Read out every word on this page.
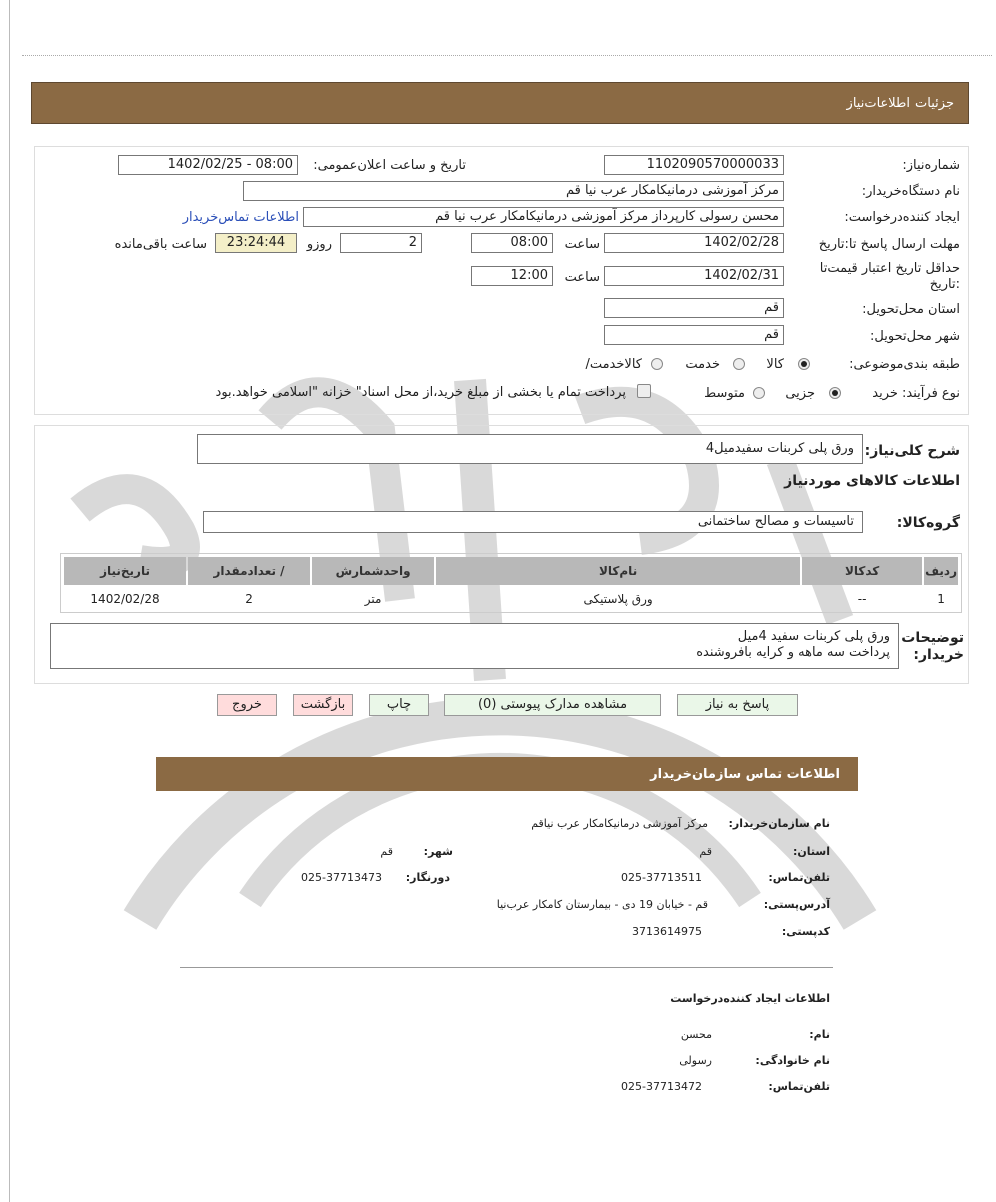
جزئیات
اطلاعات‌نیاز
شماره‌نیاز:
1102090570000033
تاریخ و ساعت اعلان‌عمومی:
1402/02/25 - 08:00
نام دستگاه‌خریدار:
مرکز آموزشی درمانیکامکار عرب نیا قم
ایجاد کننده‌درخواست:
محسن رسولی کارپرداز مرکز آموزشی درمانیکامکار عرب نیا قم
اطلاعات تماس‌خریدار
مهلت ارسال پاسخ تا:تاریخ
1402/02/28
ساعت
08:00
2
روزو
23:24:44
ساعت باقی‌مانده
حداقل تاریخ اعتبار قیمت‌تا :تاریخ
1402/02/31
ساعت
12:00
استان محل‌تحویل:
قم
شهر محل‌تحویل:
قم
طبقه بندی‌موضوعی:
کالا
خدمت
کالاخدمت/
نوع فرآیند: خرید
جزیی
متوسط
پرداخت تمام یا بخشی از مبلغ خرید،از محل اسناد" خزانه "اسلامی خواهد.بود
شرح کلی‌نیاز:
ورق پلی کربنات سفیدمیل4
اطلاعات کالاهای موردنیاز
گروه‌کالا:
تاسیسات و مصالح ساختمانی
ردیف	کدکالا	نام‌کالا	واحدشمارش	/ تعدادمقدار	تاریخ‌نیاز
1	--	ورق پلاستیکی	متر	2	1402/02/28
توضیحات خریدار:
ورق پلی کربنات سفید 4میل
پرداخت سه ماهه و کرایه بافروشنده
پاسخ به نیاز
مشاهده مدارک پیوستی (0)
چاپ
بازگشت
خروج
اطلاعات تماس سازمان‌خریدار
نام سازمان‌خریدار:
مرکز آموزشی درمانیکامکار عرب نیاقم
استان:
قم
شهر:
قم
تلفن‌تماس:
025-37713511
دورنگار:
025-37713473
آدرس‌پستی:
قم - خیابان 19 دی - بیمارستان کامکار عرب‌نیا
کد‌پستی:
3713614975
اطلاعات ایجاد کننده‌درخواست
نام:
محسن
نام خانوادگی:
رسولی
تلفن‌تماس:
025-37713472
